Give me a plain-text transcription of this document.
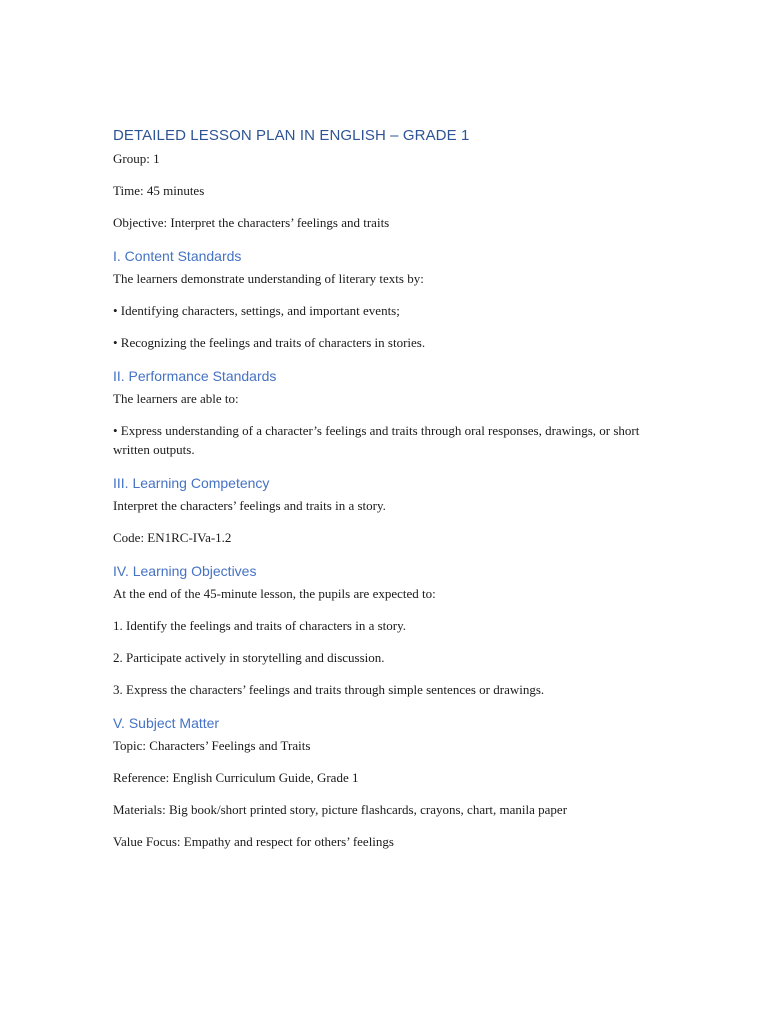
DETAILED LESSON PLAN IN ENGLISH – GRADE 1
Group: 1
Time: 45 minutes
Objective: Interpret the characters’ feelings and traits
I. Content Standards
The learners demonstrate understanding of literary texts by:
• Identifying characters, settings, and important events;
• Recognizing the feelings and traits of characters in stories.
II. Performance Standards
The learners are able to:
• Express understanding of a character’s feelings and traits through oral responses, drawings, or short written outputs.
III. Learning Competency
Interpret the characters’ feelings and traits in a story.
Code: EN1RC-IVa-1.2
IV. Learning Objectives
At the end of the 45-minute lesson, the pupils are expected to:
1. Identify the feelings and traits of characters in a story.
2. Participate actively in storytelling and discussion.
3. Express the characters’ feelings and traits through simple sentences or drawings.
V. Subject Matter
Topic: Characters’ Feelings and Traits
Reference: English Curriculum Guide, Grade 1
Materials: Big book/short printed story, picture flashcards, crayons, chart, manila paper
Value Focus: Empathy and respect for others’ feelings
